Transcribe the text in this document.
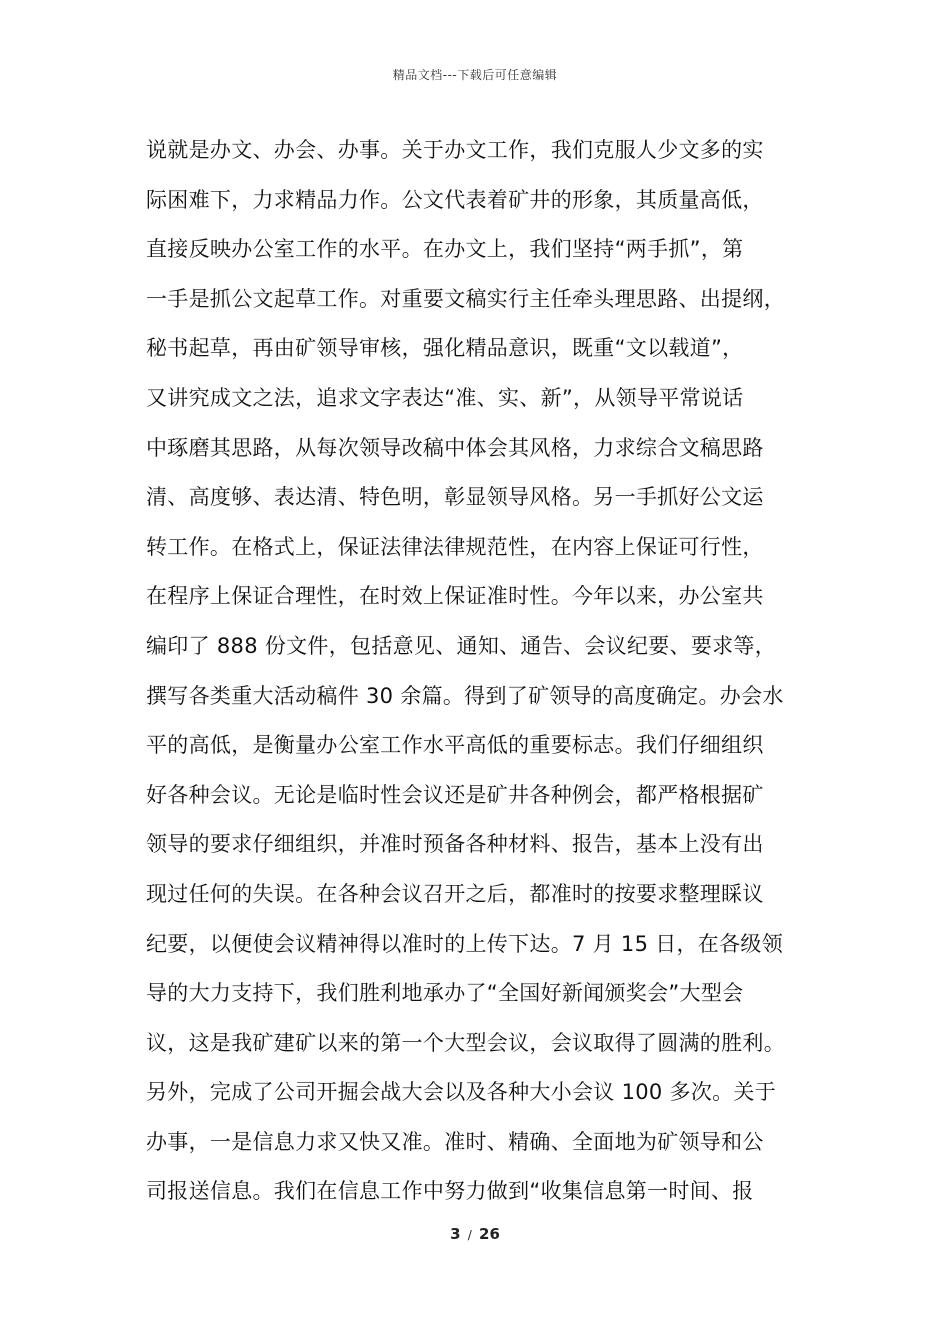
精品文档---下载后可任意编辑
说就是办文、办会、办事。关于办文工作，我们克服人少文多的实
际困难下，力求精品力作。公文代表着矿井的形象，其质量高低，
直接反映办公室工作的水平。在办文上，我们坚持“两手抓”，第
一手是抓公文起草工作。对重要文稿实行主任牵头理思路、出提纲，
秘书起草，再由矿领导审核，强化精品意识，既重“文以载道”，
又讲究成文之法，追求文字表达“准、实、新”，从领导平常说话
中琢磨其思路，从每次领导改稿中体会其风格，力求综合文稿思路
清、高度够、表达清、特色明，彰显领导风格。另一手抓好公文运
转工作。在格式上，保证法律法律规范性，在内容上保证可行性，
在程序上保证合理性，在时效上保证准时性。今年以来，办公室共
编印了 888 份文件，包括意见、通知、通告、会议纪要、要求等，
撰写各类重大活动稿件 30 余篇。得到了矿领导的高度确定。办会水
平的高低，是衡量办公室工作水平高低的重要标志。我们仔细组织
好各种会议。无论是临时性会议还是矿井各种例会，都严格根据矿
领导的要求仔细组织，并准时预备各种材料、报告，基本上没有出
现过任何的失误。在各种会议召开之后，都准时的按要求整理睬议
纪要，以便使会议精神得以准时的上传下达。7 月 15 日，在各级领
导的大力支持下，我们胜利地承办了“全国好新闻颁奖会”大型会
议，这是我矿建矿以来的第一个大型会议，会议取得了圆满的胜利。
另外，完成了公司开掘会战大会以及各种大小会议 100 多次。关于
办事，一是信息力求又快又准。准时、精确、全面地为矿领导和公
司报送信息。我们在信息工作中努力做到“收集信息第一时间、报
3 / 26
